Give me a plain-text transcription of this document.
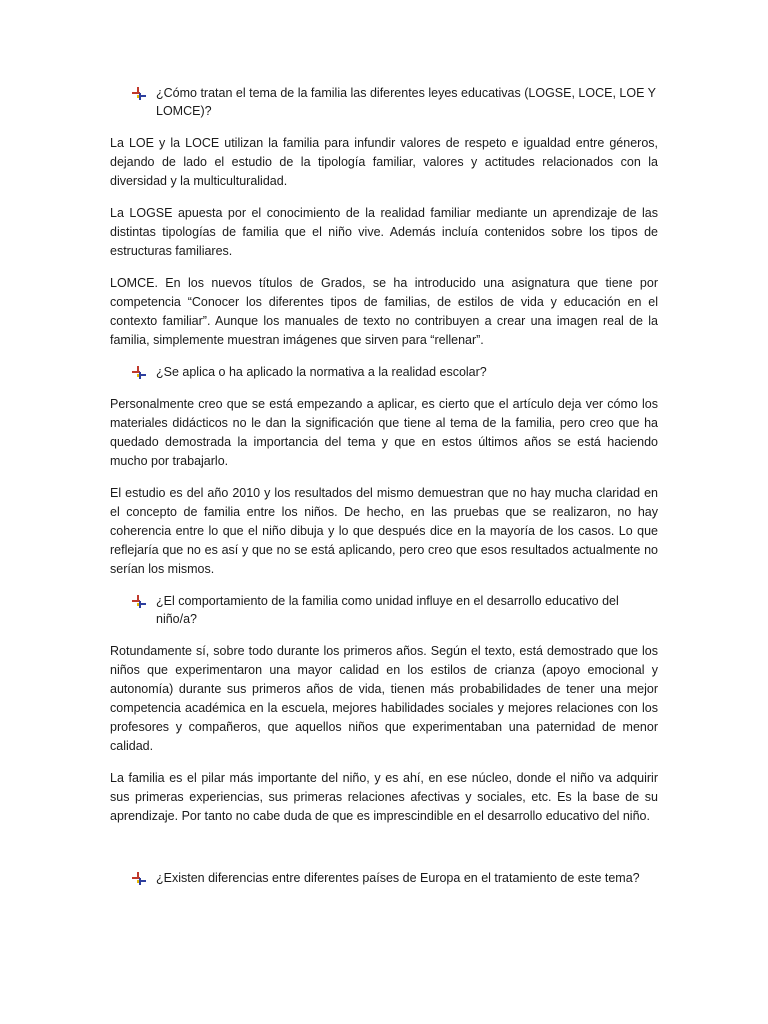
¿Cómo tratan el tema de la familia las diferentes leyes educativas (LOGSE, LOCE, LOE Y LOMCE)?

La LOE y la LOCE utilizan la familia para infundir valores de respeto e igualdad entre géneros, dejando de lado el estudio de la tipología familiar, valores y actitudes relacionados con la diversidad y la multiculturalidad.

La LOGSE apuesta por el conocimiento de la realidad familiar mediante un aprendizaje de las distintas tipologías de familia que el niño vive. Además incluía contenidos sobre los tipos de estructuras familiares.

LOMCE. En los nuevos títulos de Grados, se ha introducido una asignatura que tiene por competencia “Conocer los diferentes tipos de familias, de estilos de vida y educación en el contexto familiar”. Aunque los manuales de texto no contribuyen a crear una imagen real de la familia, simplemente muestran imágenes que sirven para “rellenar”.

¿Se aplica o ha aplicado la normativa a la realidad escolar?

Personalmente creo que se está empezando a aplicar, es cierto que el artículo deja ver cómo los materiales didácticos no le dan la significación que tiene al tema de la familia, pero creo que ha quedado demostrada la importancia del tema y que en estos últimos años se está haciendo mucho por trabajarlo.

El estudio es del año 2010 y los resultados del mismo demuestran que no hay mucha claridad en el concepto de familia entre los niños. De hecho, en las pruebas que se realizaron, no hay coherencia entre lo que el niño dibuja y lo que después dice en la mayoría de los casos. Lo que reflejaría que no es así y que no se está aplicando, pero creo que esos resultados actualmente no serían los mismos.

¿El comportamiento de la familia como unidad influye en el desarrollo educativo del niño/a?

Rotundamente sí, sobre todo durante los primeros años. Según el texto, está demostrado que los niños que experimentaron una mayor calidad en los estilos de crianza (apoyo emocional y autonomía) durante sus primeros años de vida, tienen más probabilidades de tener una mejor competencia académica en la escuela, mejores habilidades sociales y mejores relaciones con los profesores y compañeros, que aquellos niños que experimentaban una paternidad de menor calidad.

La familia es el pilar más importante del niño, y es ahí, en ese núcleo, donde el niño va adquirir sus primeras experiencias, sus primeras relaciones afectivas y sociales, etc. Es la base de su aprendizaje. Por tanto no cabe duda de que es imprescindible en el desarrollo educativo del niño.

¿Existen diferencias entre diferentes países de Europa en el tratamiento de este tema?
